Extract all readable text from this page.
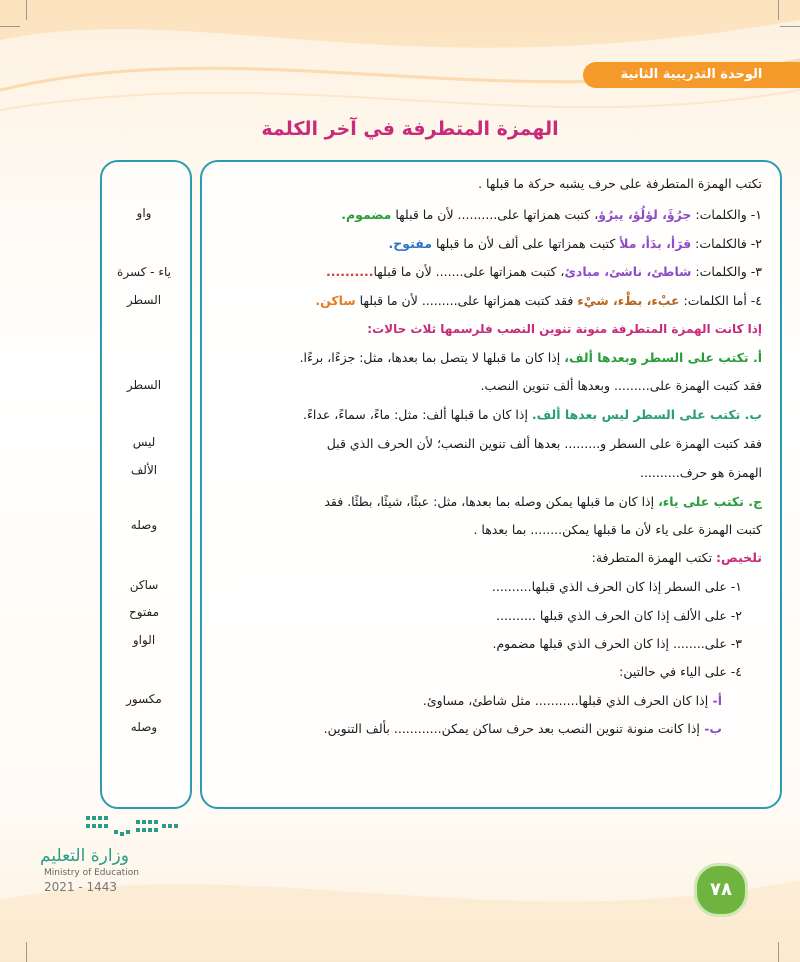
الوحدة التدريبية الثانية
الهمزة المتطرفة في آخر الكلمة
واو
ياء - كسرة
السطر
السطر
ليس
الألف
وصله
ساكن
مفتوح
الواو
مكسور
وصله
تكتب الهمزة المتطرفة على حرف يشبه حركة ما قبلها .
١- والكلمات: جرُؤَ، لؤلُؤ، يبرُؤ، كتبت همزاتها على.......... لأن ما قبلها مضموم.
٢- فالكلمات: قرَأ، بدَأ، ملأ كتبت همزاتها على ألف لأن ما قبلها مفتوح.
٣- والكلمات: شاطئ، ناشئ، مبادئ، كتبت همزاتها على....... لأن ما قبلها..........
٤- أما الكلمات: عبْء، بطْء، شيْء فقد كتبت همزاتها على......... لأن ما قبلها ساكن.
إذا كانت الهمزة المتطرفة منونة تنوين النصب فلرسمها ثلاث حالات:
أ. تكتب على السطر وبعدها ألف، إذا كان ما قبلها لا يتصل بما بعدها، مثل: جزءًا، برءًا.
فقد كتبت الهمزة على......... وبعدها ألف تنوين النصب.
ب. تكتب على السطر ليس بعدها ألف. إذا كان ما قبلها ألف: مثل: ماءً، سماءً، عداءً.
فقد كتبت الهمزة على السطر و......... بعدها ألف تنوين النصب؛ لأن الحرف الذي قبل
الهمزة هو حرف..........
ج. تكتب على ياء، إذا كان ما قبلها يمكن وصله بما بعدها، مثل: عبئًا، شيئًا، بطئًا. فقد
كتبت الهمزة على ياء لأن ما قبلها يمكن........ بما بعدها .
تلخيص: تكتب الهمزة المتطرفة:
١- على السطر إذا كان الحرف الذي قبلها..........
٢- على الألف إذا كان الحرف الذي قبلها ..........
٣- على........ إذا كان الحرف الذي قبلها مضموم.
٤- على الياء في حالتين:
أ- إذا كان الحرف الذي قبلها........... مثل شاطئ، مساوئ.
ب- إذا كانت منونة تنوين النصب بعد حرف ساكن يمكن............ بألف التنوين.
وزارة التعليم
Ministry of Education
2021 - 1443	٧٨
